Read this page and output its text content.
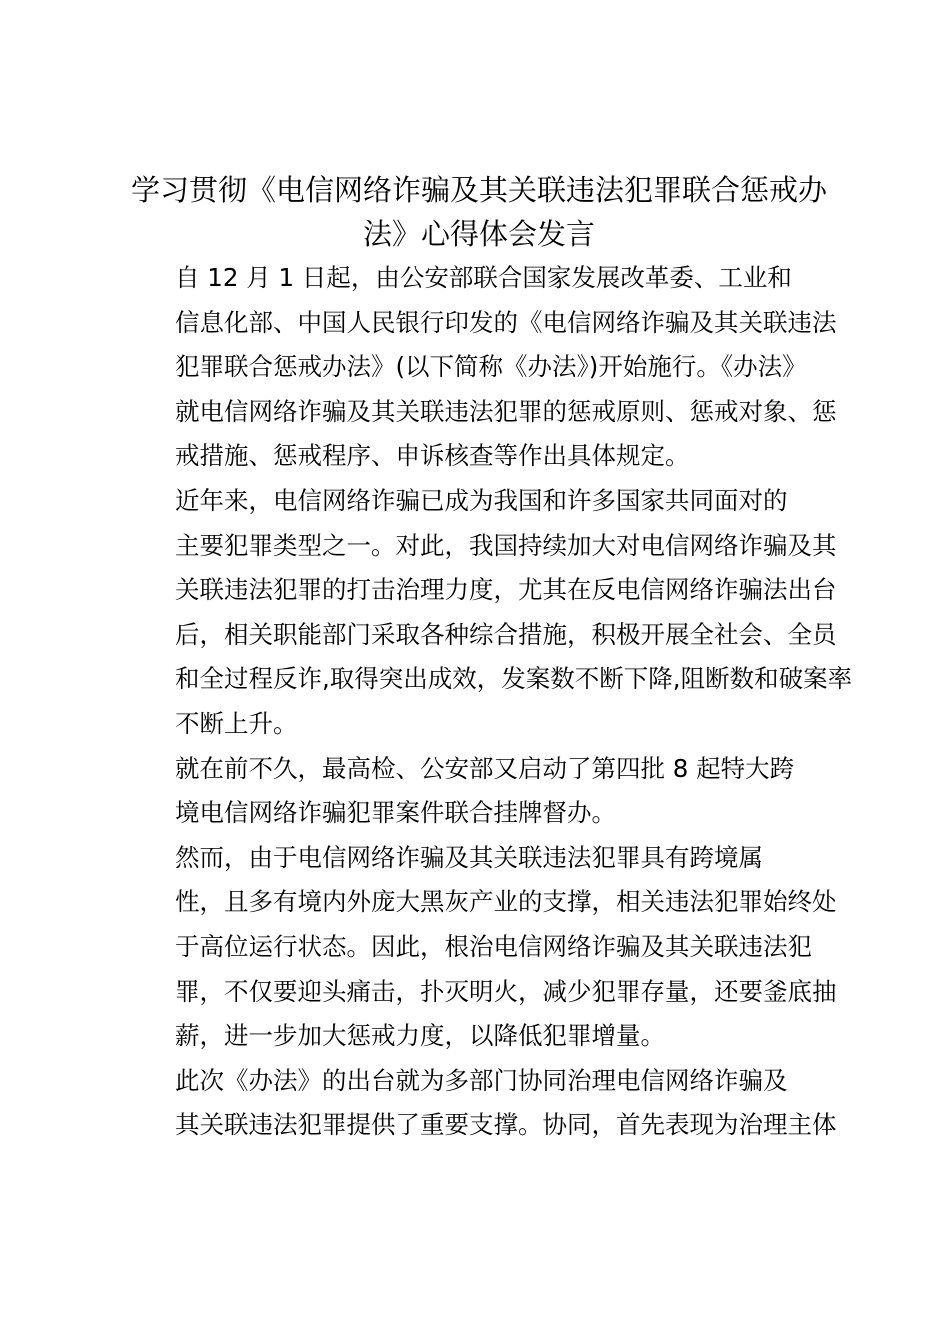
学习贯彻《电信网络诈骗及其关联违法犯罪联合惩戒办
法》心得体会发言

自 12 月 1 日起，由公安部联合国家发展改革委、工业和
信息化部、中国人民银行印发的《电信网络诈骗及其关联违法
犯罪联合惩戒办法》(以下简称《办法》)开始施行。《办法》
就电信网络诈骗及其关联违法犯罪的惩戒原则、惩戒对象、惩
戒措施、惩戒程序、申诉核查等作出具体规定。

近年来，电信网络诈骗已成为我国和许多国家共同面对的
主要犯罪类型之一。对此，我国持续加大对电信网络诈骗及其
关联违法犯罪的打击治理力度，尤其在反电信网络诈骗法出台
后，相关职能部门采取各种综合措施，积极开展全社会、全员
和全过程反诈,取得突出成效，发案数不断下降,阻断数和破案率
不断上升。

就在前不久，最高检、公安部又启动了第四批 8 起特大跨
境电信网络诈骗犯罪案件联合挂牌督办。

然而，由于电信网络诈骗及其关联违法犯罪具有跨境属
性，且多有境内外庞大黑灰产业的支撑，相关违法犯罪始终处
于高位运行状态。因此，根治电信网络诈骗及其关联违法犯
罪，不仅要迎头痛击，扑灭明火，减少犯罪存量，还要釜底抽
薪，进一步加大惩戒力度，以降低犯罪增量。

此次《办法》的出台就为多部门协同治理电信网络诈骗及
其关联违法犯罪提供了重要支撑。协同，首先表现为治理主体
